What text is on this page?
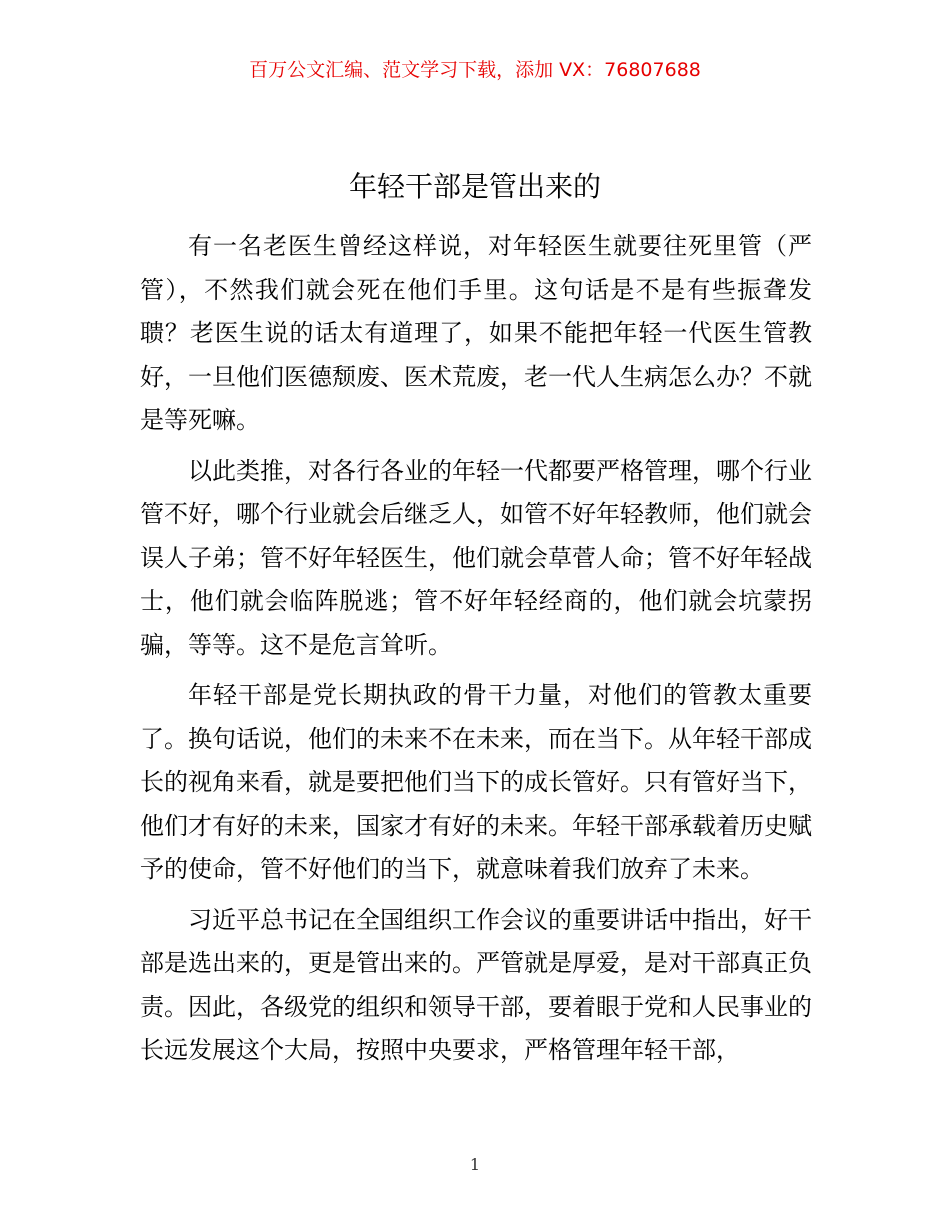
百万公文汇编、范文学习下载，添加 VX：76807688
年轻干部是管出来的

有一名老医生曾经这样说，对年轻医生就要往死里管（严管），不然我们就会死在他们手里。这句话是不是有些振聋发聩？老医生说的话太有道理了，如果不能把年轻一代医生管教好，一旦他们医德颓废、医术荒废，老一代人生病怎么办？不就是等死嘛。

以此类推，对各行各业的年轻一代都要严格管理，哪个行业管不好，哪个行业就会后继乏人，如管不好年轻教师，他们就会误人子弟；管不好年轻医生，他们就会草菅人命；管不好年轻战士，他们就会临阵脱逃；管不好年轻经商的，他们就会坑蒙拐骗，等等。这不是危言耸听。

年轻干部是党长期执政的骨干力量，对他们的管教太重要了。换句话说，他们的未来不在未来，而在当下。从年轻干部成长的视角来看，就是要把他们当下的成长管好。只有管好当下，他们才有好的未来，国家才有好的未来。年轻干部承载着历史赋予的使命，管不好他们的当下，就意味着我们放弃了未来。

习近平总书记在全国组织工作会议的重要讲话中指出，好干部是选出来的，更是管出来的。严管就是厚爱，是对干部真正负责。因此，各级党的组织和领导干部，要着眼于党和人民事业的长远发展这个大局，按照中央要求，严格管理年轻干部，

1
